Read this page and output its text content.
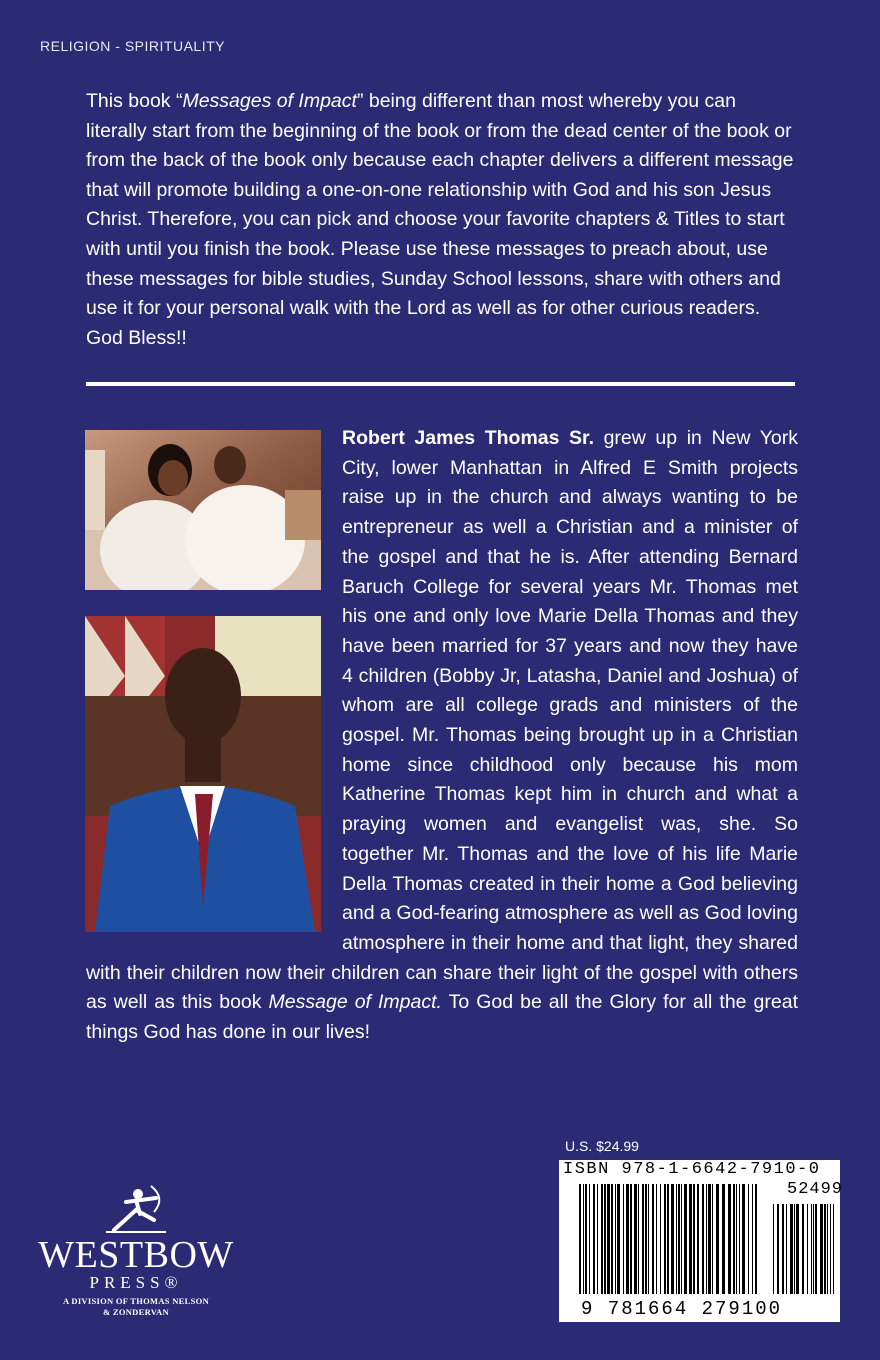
RELIGION - SPIRITUALITY
This book “Messages of Impact” being different than most whereby you can literally start from the beginning of the book or from the dead center of the book or from the back of the book only because each chapter delivers a different message that will promote building a one-on-one relationship with God and his son Jesus Christ. Therefore, you can pick and choose your favorite chapters & Titles to start with until you finish the book. Please use these messages to preach about, use these messages for bible studies, Sunday School lessons, share with others and use it for your personal walk with the Lord as well as for other curious readers. God Bless!!
Robert James Thomas Sr. grew up in New York City, lower Manhattan in Alfred E Smith projects raise up in the church and always wanting to be entrepreneur as well a Christian and a minister of the gospel and that he is. After attending Bernard Baruch College for several years Mr. Thomas met his one and only love Marie Della Thomas and they have been married for 37 years and now they have 4 children (Bobby Jr, Latasha, Daniel and Joshua) of whom are all college grads and ministers of the gospel. Mr. Thomas being brought up in a Christian home since childhood only because his mom Katherine Thomas kept him in church and what a praying women and evangelist was, she. So together Mr. Thomas and the love of his life Marie Della Thomas created in their home a God believing and a God-fearing atmosphere as well as God loving atmosphere in their home and that light, they shared with their children now their children can share their light of the gospel with others as well as this book Message of Impact. To God be all the Glory for all the great things God has done in our lives!
WESTBOW
PRESS®
A DIVISION OF THOMAS NELSON
& ZONDERVAN
U.S. $24.99
ISBN 978-1-6642-7910-0
52499
9 781664 279100
